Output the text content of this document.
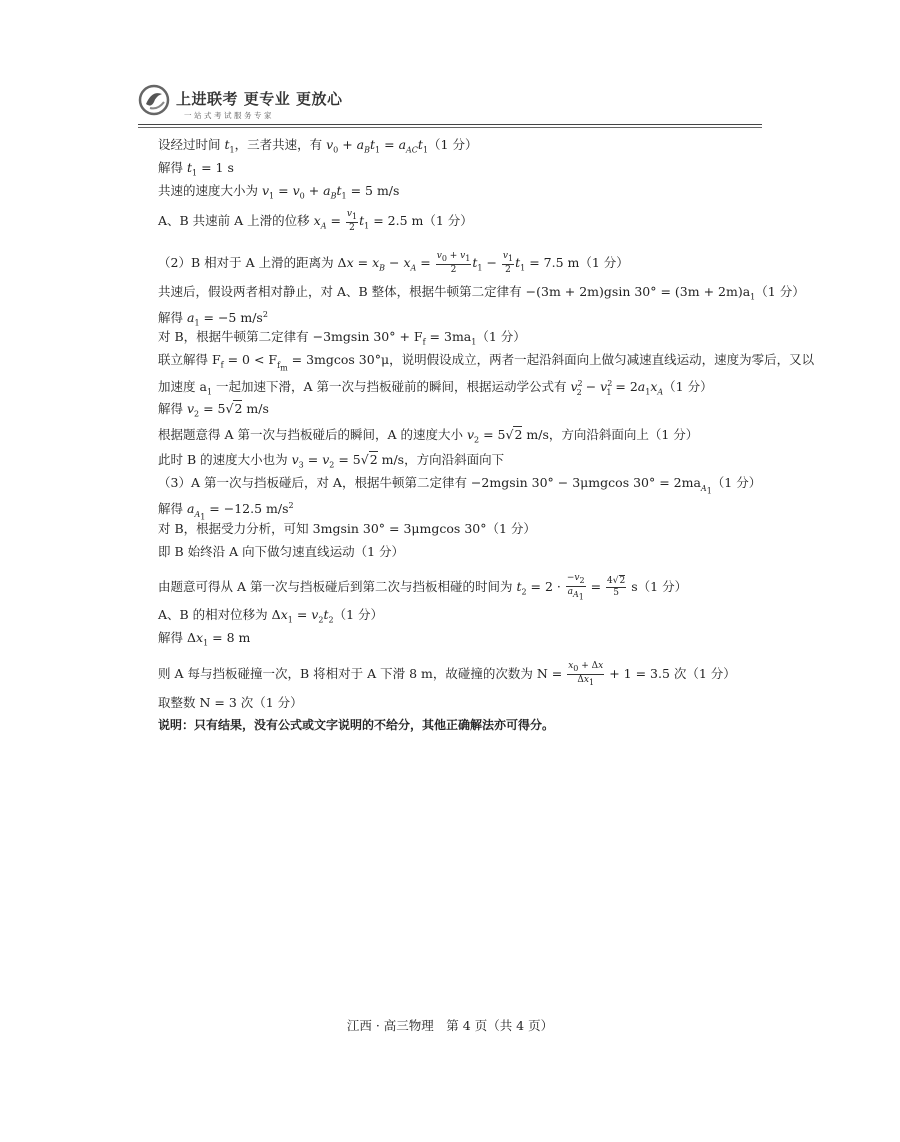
上进联考 更专业 更放心
一站式考试服务专家
设经过时间 $t_1$，三者共速，有 $v_0 + a_Bt_1 = a_{AC}t_1(1$ 分）
解得 $t_1 = 1$ s
共速的速度大小为 $v_1 = v_0 + a_Bt_1 = 5$ m/s
A、B 共速前 A 上滑的位移 $x_A = \frac{v_1}{2} t_1 = 2.5$ m（1 分）
（2）B 相对于 A 上滑的距离为 $\Delta x = x_B - x_A = \frac{v_0 + v_1}{2} t_1 - \frac{v_1}{2} t_1 = 7.5$ m（1 分）
共速后，假设两者相对静止，对 A、B 整体，根据牛顿第二定律有 −(3m + 2m)gsin $30^\circ = (3m + 2m)a_1(1$ 分）
解得 $a_1 = -5$ $m/s^2$
对 B，根据牛顿第二定律有 −3mgsin $30^\circ + F_f = 3ma_1(1$ 分）
联立解得 $F_f = 0 < F_{f_m} = 3mgcos$ 30°μ，说明假设成立，两者一起沿斜面向上做匀减速直线运动，速度为零后，又以
加速度 $a_1$ 一起加速下滑，A 第一次与挡板碰前的瞬间，根据运动学公式有 $v^2_2 - v^2_1 = 2a_1x_A(1$ 分）
解得 $v_2 = 5√2$ m/s
根据题意得 A 第一次与挡板碰后的瞬间，A 的速度大小 $v_2 = 5√2$ m/s，方向沿斜面向上（1 分）
此时 B 的速度大小也为 $v_3 = v_2 = 5√2$ m/s，方向沿斜面向下
（3）A 第一次与挡板碰后，对 A，根据牛顿第二定律有 −2mgsin 30° − 3μmgcos $30^\circ = 2ma_{A_1}(1$ 分）
解得 $a_{A_1} = -12.5$ $m/s^2$
对 B，根据受力分析，可知 3mgsin 30° = 3μmgcos 30°（1 分）
即 B 始终沿 A 向下做匀速直线运动（1 分）
由题意可得从 A 第一次与挡板碰后到第二次与挡板相碰的时间为 $t_2 = 2 \cdot \frac{-v_2}{a_{A_1}} = \frac{4√2}{5} s(1$ 分）
A、B 的相对位移为 $\Delta x_1 = v_2t_2(1$ 分）
解得 $\Delta x_1 = 8$ m
则 A 每与挡板碰撞一次，B 将相对于 A 下滑 8 m，故碰撞的次数为 $N = \frac{x_0 + \Delta x}{\Delta x_1} + 1 = 3.5$ 次（1 分）
取整数 N = 3 次（1 分）
说明：只有结果，没有公式或文字说明的不给分，其他正确解法亦可得分。
江西 · 高三物理　第 4 页（共 4 页）
